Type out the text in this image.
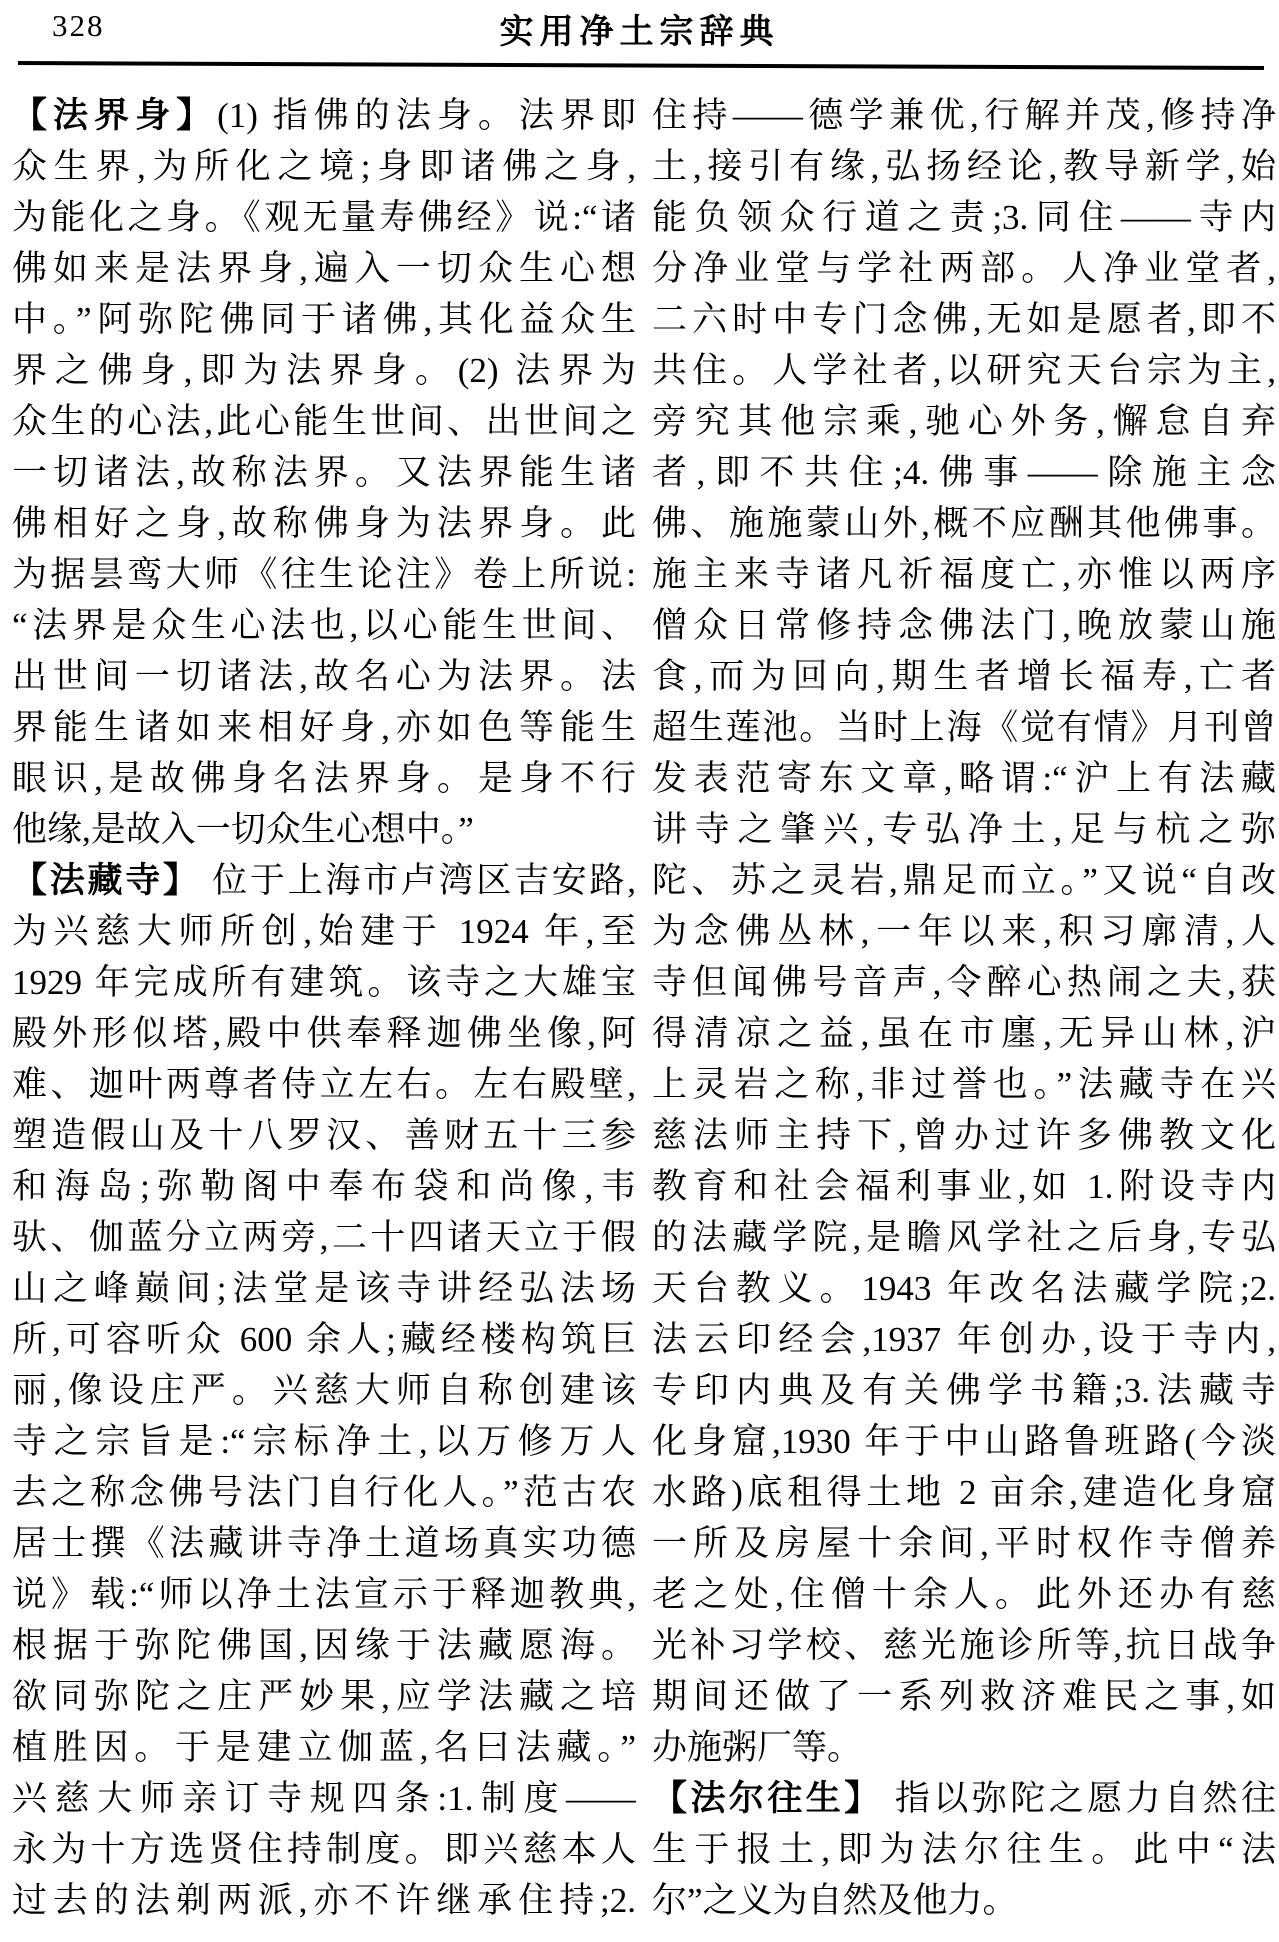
328	实用净土宗辞典
【法界身】(1) 指佛的法身。法界即
众生界,为所化之境;身即诸佛之身,
为能化之身。《观无量寿佛经》说:“诸
佛如来是法界身,遍入一切众生心想
中。”阿弥陀佛同于诸佛,其化益众生
界之佛身,即为法界身。(2) 法界为
众生的心法,此心能生世间、出世间之
一切诸法,故称法界。又法界能生诸
佛相好之身,故称佛身为法界身。此
为据昙鸾大师《往生论注》卷上所说:
“法界是众生心法也,以心能生世间、
出世间一切诸法,故名心为法界。法
界能生诸如来相好身,亦如色等能生
眼识,是故佛身名法界身。是身不行
他缘,是故入一切众生心想中。”
【法藏寺】 位于上海市卢湾区吉安路,
为兴慈大师所创,始建于 1924 年,至
1929 年完成所有建筑。该寺之大雄宝
殿外形似塔,殿中供奉释迦佛坐像,阿
难、迦叶两尊者侍立左右。左右殿壁,
塑造假山及十八罗汉、善财五十三参
和海岛;弥勒阁中奉布袋和尚像,韦
驮、伽蓝分立两旁,二十四诸天立于假
山之峰巅间;法堂是该寺讲经弘法场
所,可容听众 600 余人;藏经楼构筑巨
丽,像设庄严。兴慈大师自称创建该
寺之宗旨是:“宗标净土,以万修万人
去之称念佛号法门自行化人。”范古农
居士撰《法藏讲寺净土道场真实功德
说》载:“师以净土法宣示于释迦教典,
根据于弥陀佛国,因缘于法藏愿海。
欲同弥陀之庄严妙果,应学法藏之培
植胜因。于是建立伽蓝,名曰法藏。”
兴慈大师亲订寺规四条:1.制度——
永为十方选贤住持制度。即兴慈本人
过去的法剃两派,亦不许继承住持;2.
住持——德学兼优,行解并茂,修持净
土,接引有缘,弘扬经论,教导新学,始
能负领众行道之责;3.同住——寺内
分净业堂与学社两部。人净业堂者,
二六时中专门念佛,无如是愿者,即不
共住。人学社者,以研究天台宗为主,
旁究其他宗乘,驰心外务,懈怠自弃
者,即不共住;4.佛事——除施主念
佛、施施蒙山外,概不应酬其他佛事。
施主来寺诸凡祈福度亡,亦惟以两序
僧众日常修持念佛法门,晚放蒙山施
食,而为回向,期生者增长福寿,亡者
超生莲池。当时上海《觉有情》月刊曾
发表范寄东文章,略谓:“沪上有法藏
讲寺之肇兴,专弘净土,足与杭之弥
陀、苏之灵岩,鼎足而立。”又说“自改
为念佛丛林,一年以来,积习廓清,人
寺但闻佛号音声,令醉心热闹之夫,获
得清凉之益,虽在市廛,无异山林,沪
上灵岩之称,非过誉也。”法藏寺在兴
慈法师主持下,曾办过许多佛教文化
教育和社会福利事业,如 1.附设寺内
的法藏学院,是瞻风学社之后身,专弘
天台教义。1943 年改名法藏学院;2.
法云印经会,1937 年创办,设于寺内,
专印内典及有关佛学书籍;3.法藏寺
化身窟,1930 年于中山路鲁班路(今淡
水路)底租得土地 2 亩余,建造化身窟
一所及房屋十余间,平时权作寺僧养
老之处,住僧十余人。此外还办有慈
光补习学校、慈光施诊所等,抗日战争
期间还做了一系列救济难民之事,如
办施粥厂等。
【法尔往生】 指以弥陀之愿力自然往
生于报土,即为法尔往生。此中“法
尔”之义为自然及他力。
